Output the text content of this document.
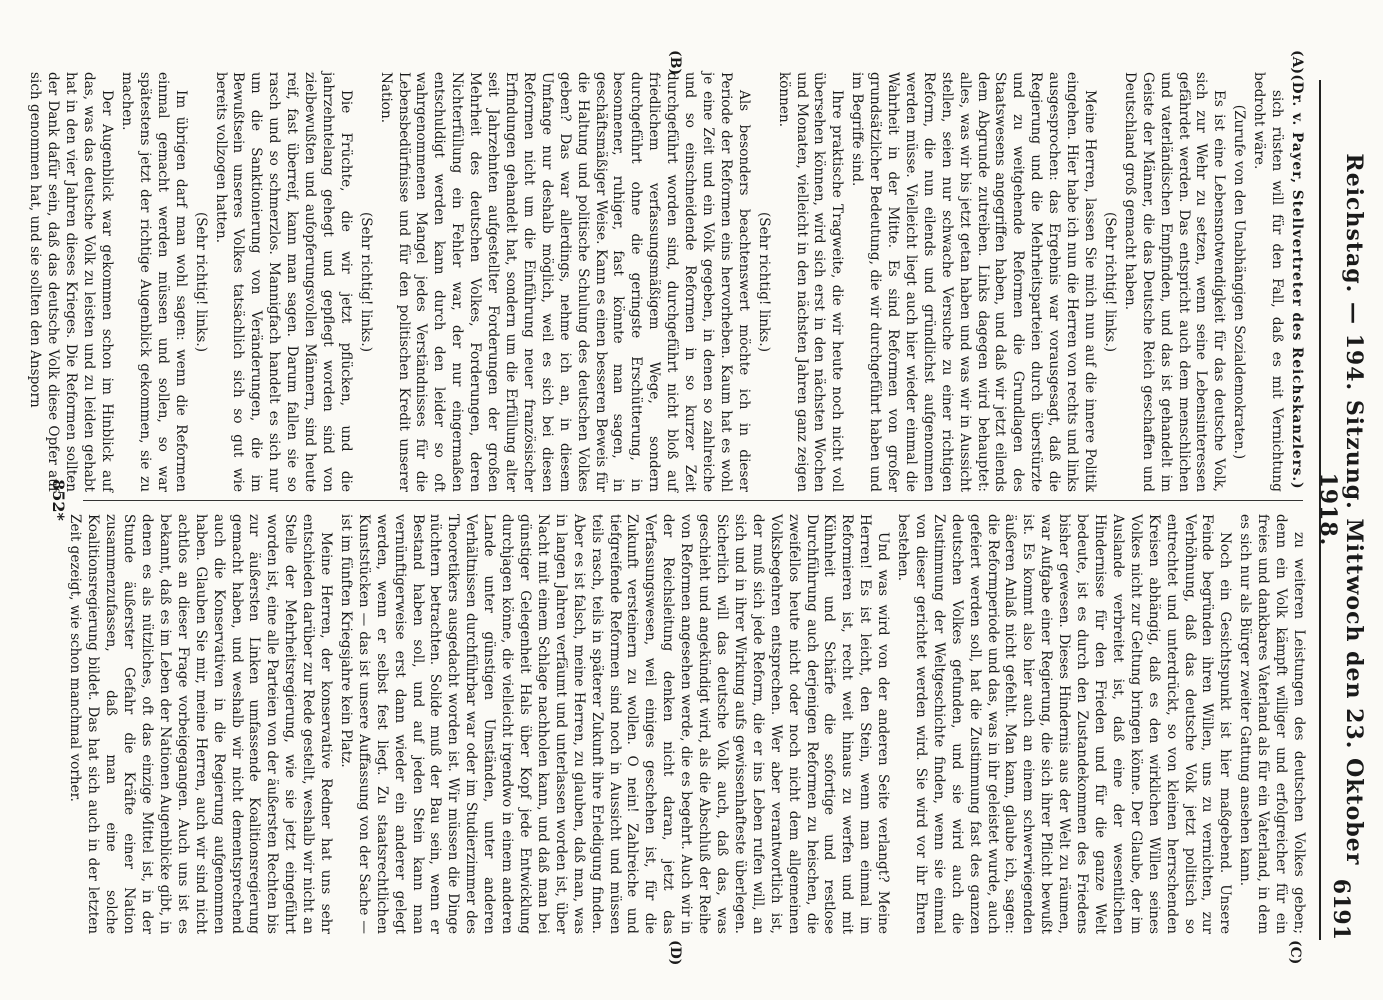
Reichstag. — 194. Sitzung. Mittwoch den 23. Oktober 1918.
6191
(A)
(B)
(C)
(D)

(Dr. v. Payer, Stellvertreter des Reichskanzlers.)

sich rüsten will für den Fall, daß es mit Vernichtung bedroht wäre.

(Zurufe von den Unabhängigen Sozialdemokraten.)

Es ist eine Lebensnotwendigkeit für das deutsche Volk, sich zur Wehr zu setzen, wenn seine Lebensinteressen gefährdet werden. Das entspricht auch dem menschlichen und vaterländischen Empfinden, und das ist gehandelt im Geiste der Männer, die das Deutsche Reich geschaffen und Deutschland groß gemacht haben.

(Sehr richtig! links.)

Meine Herren, lassen Sie mich nun auf die innere Politik eingehen. Hier habe ich nun die Herren von rechts und links ausgesprochen: das Ergebnis war vorausgesagt, daß die Regierung und die Mehrheitsparteien durch überstürzte und zu weitgehende Reformen die Grundlagen des Staatswesens angegriffen haben, und daß wir jetzt eilends dem Abgrunde zutreiben. Links dagegen wird behauptet: alles, was wir bis jetzt getan haben und was wir in Aussicht stellen, seien nur schwache Versuche zu einer richtigen Reform, die nun eilends und gründlichst aufgenommen werden müsse. Vielleicht liegt auch hier wieder einmal die Wahrheit in der Mitte. Es sind Reformen von großer grundsätzlicher Bedeutung, die wir durchgeführt haben und im Begriffe sind.

Ihre praktische Tragweite, die wir heute noch nicht voll übersehen können, wird sich erst in den nächsten Wochen und Monaten, vielleicht in den nächsten Jahren ganz zeigen können.

(Sehr richtig! links.)

Als besonders beachtenswert möchte ich in dieser Periode der Reformen eins hervorheben. Kaum hat es wohl je eine Zeit und ein Volk gegeben, in denen so zahlreiche und so einschneidende Reformen in so kurzer Zeit durchgeführt worden sind, durchgeführt nicht bloß auf friedlichem verfassungsmäßigem Wege, sondern durchgeführt ohne die geringste Erschütterung, in besonnener, ruhiger, fast könnte man sagen, in geschäftsmäßiger Weise. Kann es einen besseren Beweis für die Haltung und politische Schulung des deutschen Volkes geben? Das war allerdings, nehme ich an, in diesem Umfange nur deshalb möglich, weil es sich bei diesen Reformen nicht um die Einführung neuer französischer Erfindungen gehandelt hat, sondern um die Erfüllung alter seit Jahrzehnten aufgestellter Forderungen der großen Mehrheit des deutschen Volkes, Forderungen, deren Nichterfüllung ein Fehler war, der nur eingermaßen entschuldigt werden kann durch den leider so oft wahrgenommenen Mangel jedes Verständnisses für die Lebensbedürfnisse und für den politischen Kredit unserer Nation.

(Sehr richtig! links.)

Die Früchte, die wir jetzt pflücken, und die jahrzehntelang gehegt und gepflegt worden sind von zielbewußten und aufopferungsvollen Männern, sind heute reif, fast überreif, kann man sagen. Darum fallen sie so rasch und so schmerzlos. Mannigfach handelt es sich nur um die Sanktionierung von Veränderungen, die im Bewußtsein unseres Volkes tatsächlich sich so gut wie bereits vollzogen hatten.

(Sehr richtig! links.)

Im übrigen darf man wohl sagen: wenn die Reformen einmal gemacht werden müssen und sollen, so war spätestens jetzt der richtige Augenblick gekommen, sie zu machen.

Der Augenblick war gekommen schon im Hinblick auf das, was das deutsche Volk zu leisten und zu leiden gehabt hat in den vier Jahren dieses Krieges. Die Reformen sollten der Dank dafür sein, daß das deutsche Volk diese Opfer auf sich genommen hat, und sie sollten den Ansporn

zu weiteren Leistungen des deutschen Volkes geben; denn ein Volk kämpft williger und erfolgreicher für ein freies und dankbares Vaterland als für ein Vaterland, in dem es sich nur als Bürger zweiter Gattung ansehen kann.

Noch ein Gesichtspunkt ist hier maßgebend. Unsere Feinde begründen ihren Willen, uns zu vernichten, zur Verhöhnung, daß das deutsche Volk jetzt politisch so entrechtet und unterdrückt, so von kleinen herrschenden Kreisen abhängig, daß es den wirklichen Willen seines Volkes nicht zur Geltung bringen könne. Der Glaube, der im Auslande verbreitet ist, daß eine der wesentlichen Hindernisse für den Frieden und für die ganze Welt bedeute, ist es durch den Zustandekommen des Friedens bisher gewesen. Dieses Hindernis aus der Welt zu räumen, war Aufgabe einer Regierung, die sich ihrer Pflicht bewußt ist. Es kommt also hier auch an einem schwerwiegenden äußeren Anlaß nicht gefehlt. Man kann, glaube ich, sagen: die Reformperiode und das, was in ihr geleistet wurde, auch gefeiert werden soll, hat die Zustimmung fast des ganzen deutschen Volkes gefunden, und sie wird auch die Zustimmung der Weltgeschichte finden, wenn sie einmal von dieser gerichtet werden wird. Sie wird vor ihr Ehren bestehen.

Und was wird von der anderen Seite verlangt? Meine Herren! Es ist leicht, den Stein, wenn man einmal im Reformieren ist, recht weit hinaus zu werfen und mit Kühnheit und Schärfe die sofortige und restlose Durchführung auch derjenigen Reformen zu heischen, die zweifellos heute nicht oder noch nicht dem allgemeinen Volksbegehren entsprechen. Wer aber verantwortlich ist, der muß sich jede Reform, die er ins Leben rufen will, an sich und in ihrer Wirkung aufs gewissenhafteste überlegen. Sicherlich will das deutsche Volk auch, daß das, was geschieht und angekündigt wird, als die Abschluß der Reihe von Reformen angesehen werde, die es begehrt. Auch wir in der Reichsleitung denken nicht daran, jetzt das Verfassungswesen, weil einiges geschehen ist, für die Zukunft versteinern zu wollen. O nein! Zahlreiche und tiefgreifende Reformen sind noch in Aussicht und müssen teils rasch, teils in späterer Zukunft ihre Erledigung finden. Aber es ist falsch, meine Herren, zu glauben, daß man, was in langen Jahren verfäumt und unterlassen worden ist, über Nacht mit einem Schlage nachholen kann, und daß man bei günstiger Gelegenheit Hals über Kopf jede Entwicklung durchjagen könne, die vielleicht irgendwo in einem anderen Lande unter günstigen Umständen, unter anderen Verhältnissen durchführbar war oder im Studierzimmer des Theoretikers ausgedacht worden ist. Wir müssen die Dinge nüchtern betrachten. Solide muß der Bau sein, wenn er Bestand haben soll, und auf jeden Stein kann man vernünftigerweise erst dann wieder ein anderer gelegt werden, wenn er selbst fest liegt. Zu staatsrechtlichen Kunststücken — das ist unsere Auffassung von der Sache — ist im fünften Kriegsjahre kein Platz.

Meine Herren, der konservative Redner hat uns sehr entschieden darüber zur Rede gestellt, weshalb wir nicht an Stelle der Mehrheitsregierung, wie sie jetzt eingeführt worden ist, eine alle Parteien von der äußersten Rechten bis zur äußersten Linken umfassende Koalitionsregierung gemacht haben, und weshalb wir nicht dementsprechend auch die Konservativen in die Regierung aufgenommen haben. Glauben Sie mir, meine Herren, auch wir sind nicht achtlos an dieser Frage vorbeigegangen. Auch uns ist es bekannt, daß es im Leben der Nationen Augenblicke gibt, in denen es als nützliches, oft das einzige Mittel ist, in der Stunde äußerster Gefahr die Kräfte einer Nation zusammenzufassen, daß man eine solche Koalitionsregierung bildet. Das hat sich auch in der letzten Zeit gezeigt, wie schon manchmal vorher.

852*
